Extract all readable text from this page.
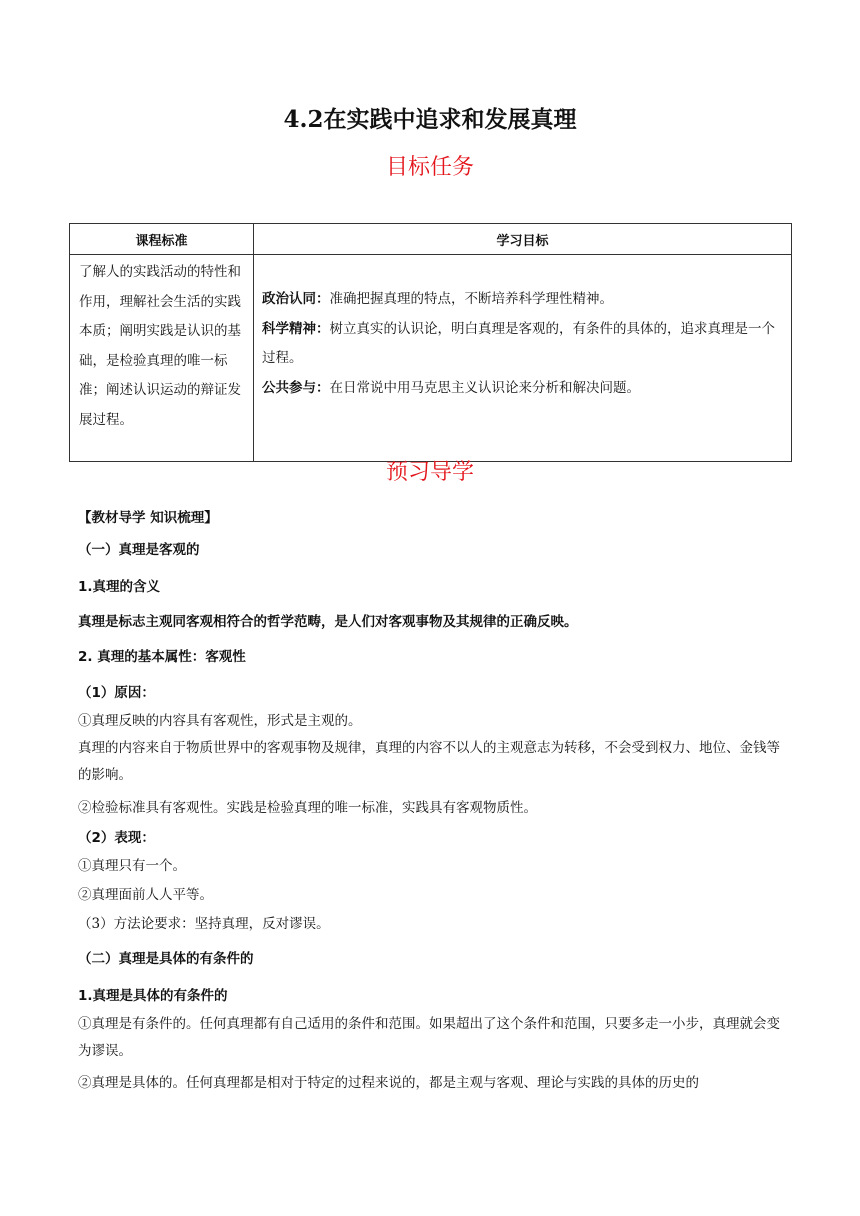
4.2在实践中追求和发展真理
目标任务
课程标准	学习目标
了解人的实践活动的特性和作用，理解社会生活的实践本质；阐明实践是认识的基础，是检验真理的唯一标准；阐述认识运动的辩证发展过程。	政治认同：准确把握真理的特点，不断培养科学理性精神。
科学精神：树立真实的认识论，明白真理是客观的，有条件的具体的，追求真理是一个过程。
公共参与：在日常说中用马克思主义认识论来分析和解决问题。
预习导学
【教材导学 知识梳理】
（一）真理是客观的
1.真理的含义
真理是标志主观同客观相符合的哲学范畴，是人们对客观事物及其规律的正确反映。
2. 真理的基本属性：客观性
（1）原因：
①真理反映的内容具有客观性，形式是主观的。
真理的内容来自于物质世界中的客观事物及规律，真理的内容不以人的主观意志为转移，不会受到权力、地位、金钱等的影响。
②检验标准具有客观性。实践是检验真理的唯一标准，实践具有客观物质性。
（2）表现：
①真理只有一个。
②真理面前人人平等。
（3）方法论要求：坚持真理，反对谬误。
（二）真理是具体的有条件的
1.真理是具体的有条件的
①真理是有条件的。任何真理都有自己适用的条件和范围。如果超出了这个条件和范围，只要多走一小步，真理就会变为谬误。
②真理是具体的。任何真理都是相对于特定的过程来说的，都是主观与客观、理论与实践的具体的历史的
